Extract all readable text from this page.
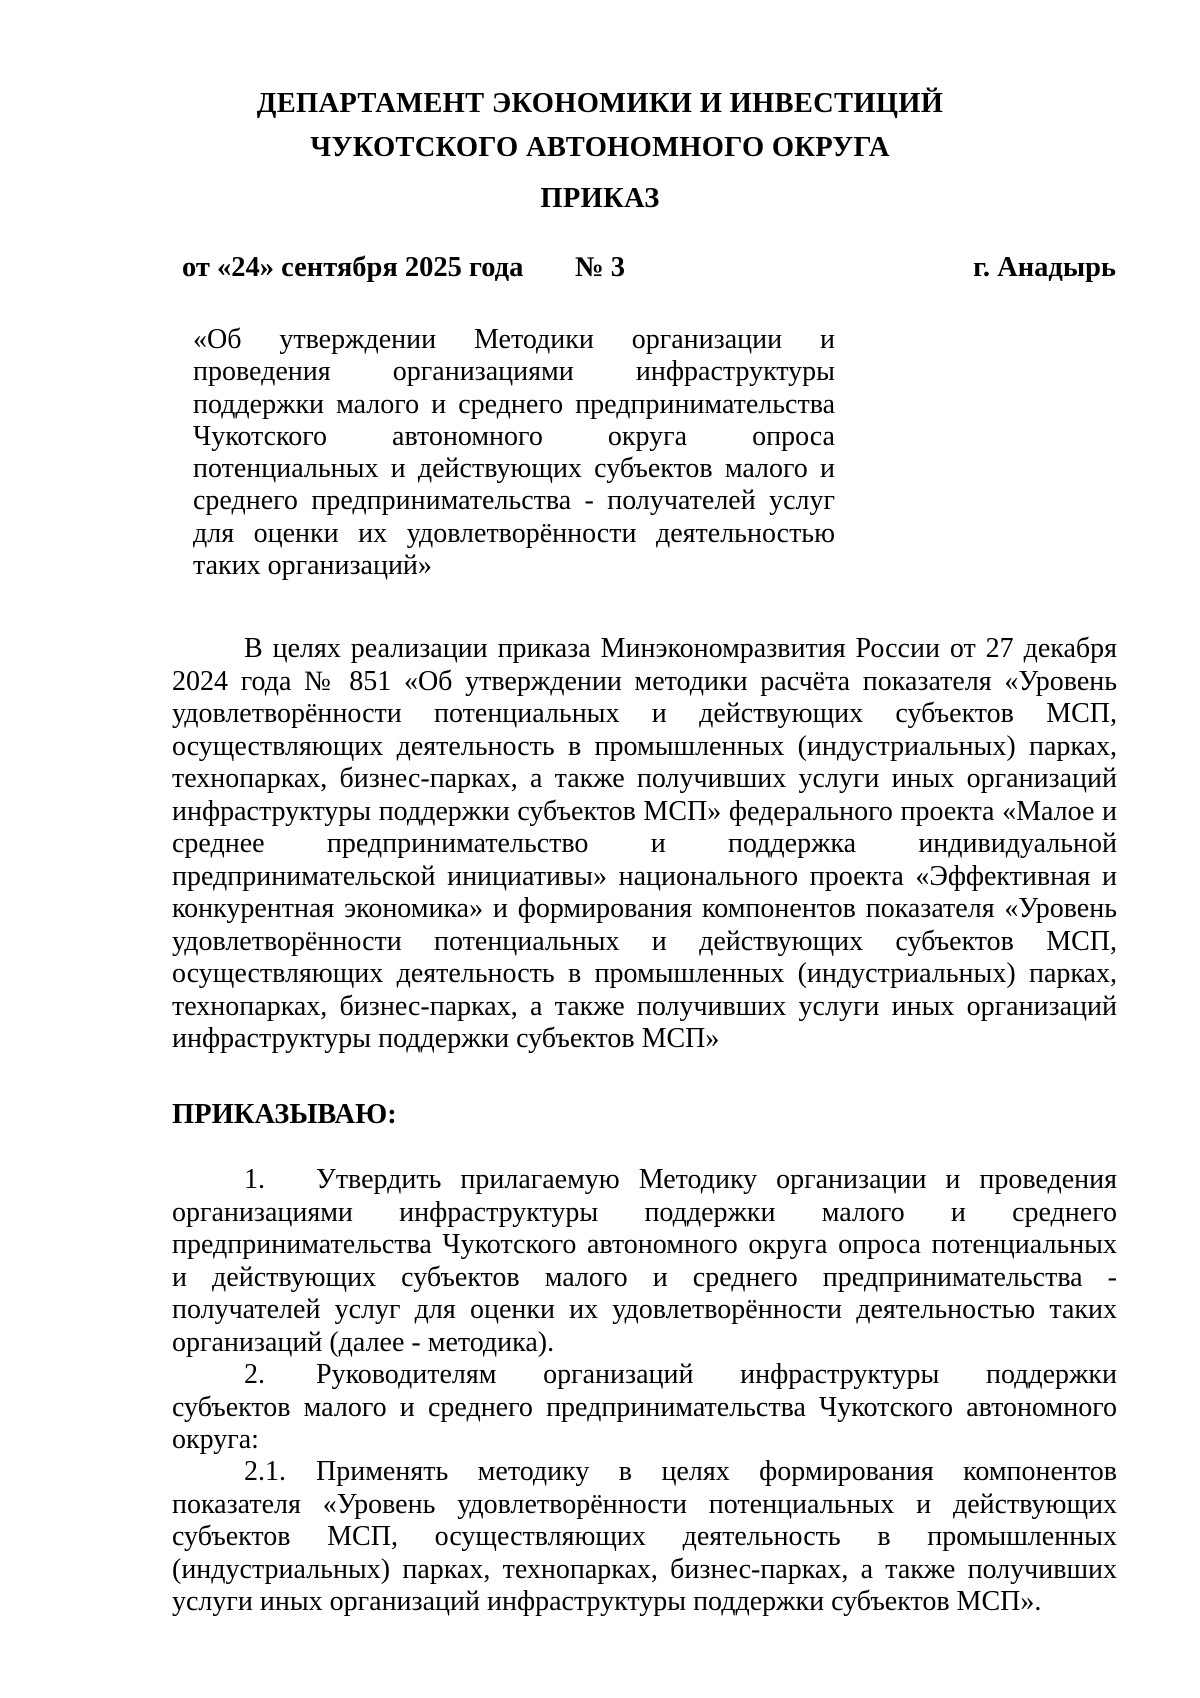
ДЕПАРТАМЕНТ ЭКОНОМИКИ И ИНВЕСТИЦИЙ
ЧУКОТСКОГО АВТОНОМНОГО ОКРУГА
ПРИКАЗ
от «24» сентября 2025 года № 3	г. Анадырь
«Об утверждении Методики организации и проведения организациями инфраструктуры поддержки малого и среднего предпринимательства Чукотского автономного округа опроса потенциальных и действующих субъектов малого и среднего предпринимательства - получателей услуг для оценки их удовлетворённости деятельностью таких организаций»
В целях реализации приказа Минэкономразвития России от 27 декабря 2024 года № 851 «Об утверждении методики расчёта показателя «Уровень удовлетворённости потенциальных и действующих субъектов МСП, осуществляющих деятельность в промышленных (индустриальных) парках, технопарках, бизнес-парках, а также получивших услуги иных организаций инфраструктуры поддержки субъектов МСП» федерального проекта «Малое и среднее предпринимательство и поддержка индивидуальной предпринимательской инициативы» национального проекта «Эффективная и конкурентная экономика» и формирования компонентов показателя «Уровень удовлетворённости потенциальных и действующих субъектов МСП, осуществляющих деятельность в промышленных (индустриальных) парках, технопарках, бизнес-парках, а также получивших услуги иных организаций инфраструктуры поддержки субъектов МСП»
ПРИКАЗЫВАЮ:
1. Утвердить прилагаемую Методику организации и проведения организациями инфраструктуры поддержки малого и среднего предпринимательства Чукотского автономного округа опроса потенциальных и действующих субъектов малого и среднего предпринимательства - получателей услуг для оценки их удовлетворённости деятельностью таких организаций (далее - методика).
2. Руководителям организаций инфраструктуры поддержки субъектов малого и среднего предпринимательства Чукотского автономного округа:
2.1. Применять методику в целях формирования компонентов показателя «Уровень удовлетворённости потенциальных и действующих субъектов МСП, осуществляющих деятельность в промышленных (индустриальных) парках, технопарках, бизнес-парках, а также получивших услуги иных организаций инфраструктуры поддержки субъектов МСП».
